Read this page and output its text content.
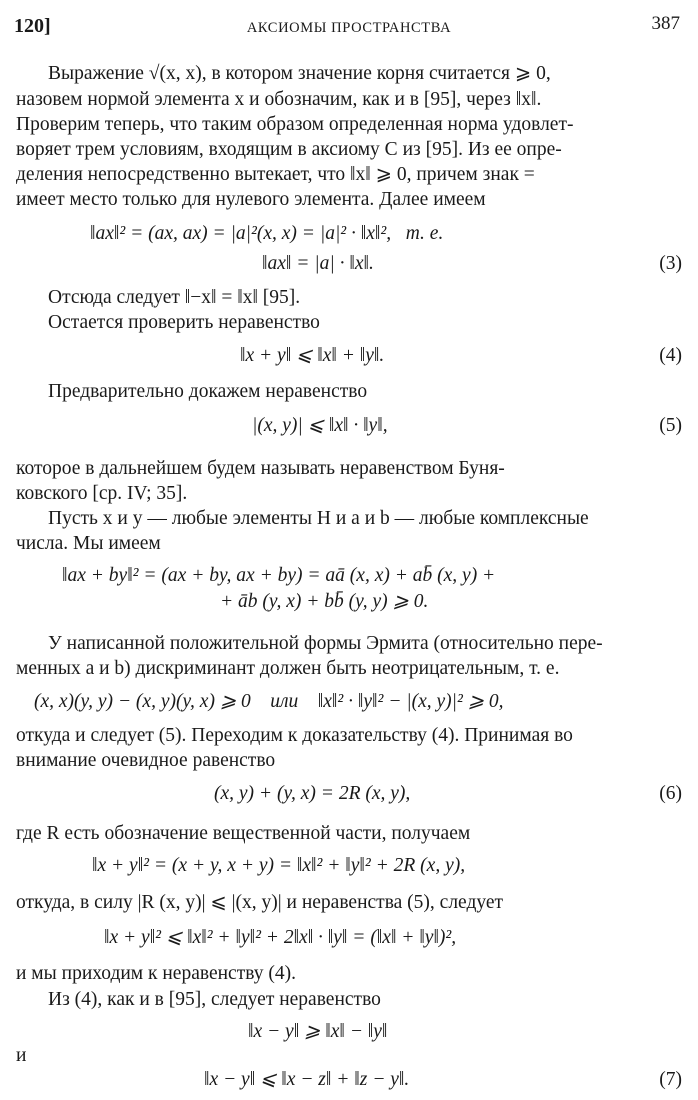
120]	АКСИОМЫ ПРОСТРАНСТВА	387

Выражение √(x, x), в котором значение корня считается ⩾ 0,

назовем нормой элемента x и обозначим, как и в [95], через ‖x‖.

Проверим теперь, что таким образом определенная норма удовлет-

воряет трем условиям, входящим в аксиому C из [95]. Из ее опре-

деления непосредственно вытекает, что ‖x‖ ⩾ 0, причем знак =

имеет место только для нулевого элемента. Далее имеем

‖ax‖² = (ax, ax) = |a|²(x, x) = |a|² · ‖x‖²,   т. е.

‖ax‖ = |a| · ‖x‖.	(3)

Отсюда следует ‖−x‖ = ‖x‖ [95].

Остается проверить неравенство

‖x + y‖ ⩽ ‖x‖ + ‖y‖.	(4)

Предварительно докажем неравенство

|(x, y)| ⩽ ‖x‖ · ‖y‖,	(5)

которое в дальнейшем будем называть неравенством Буня-

ковского [ср. IV; 35].

Пусть x и y — любые элементы H и a и b — любые комплексные

числа. Мы имеем

‖ax + by‖² = (ax + by, ax + by) = aā (x, x) + ab̄ (x, y) +

+ āb (y, x) + bb̄ (y, y) ⩾ 0.

У написанной положительной формы Эрмита (относительно пере-

менных a и b) дискриминант должен быть неотрицательным, т. е.

(x, x)(y, y) − (x, y)(y, x) ⩾ 0    или    ‖x‖² · ‖y‖² − |(x, y)|² ⩾ 0,

откуда и следует (5). Переходим к доказательству (4). Принимая во

внимание очевидное равенство

(x, y) + (y, x) = 2R (x, y),	(6)

где R есть обозначение вещественной части, получаем

‖x + y‖² = (x + y, x + y) = ‖x‖² + ‖y‖² + 2R (x, y),

откуда, в силу |R (x, y)| ⩽ |(x, y)| и неравенства (5), следует

‖x + y‖² ⩽ ‖x‖² + ‖y‖² + 2‖x‖ · ‖y‖ = (‖x‖ + ‖y‖)²,

и мы приходим к неравенству (4).

Из (4), как и в [95], следует неравенство

‖x − y‖ ⩾ ‖x‖ − ‖y‖

и

‖x − y‖ ⩽ ‖x − z‖ + ‖z − y‖.	(7)
